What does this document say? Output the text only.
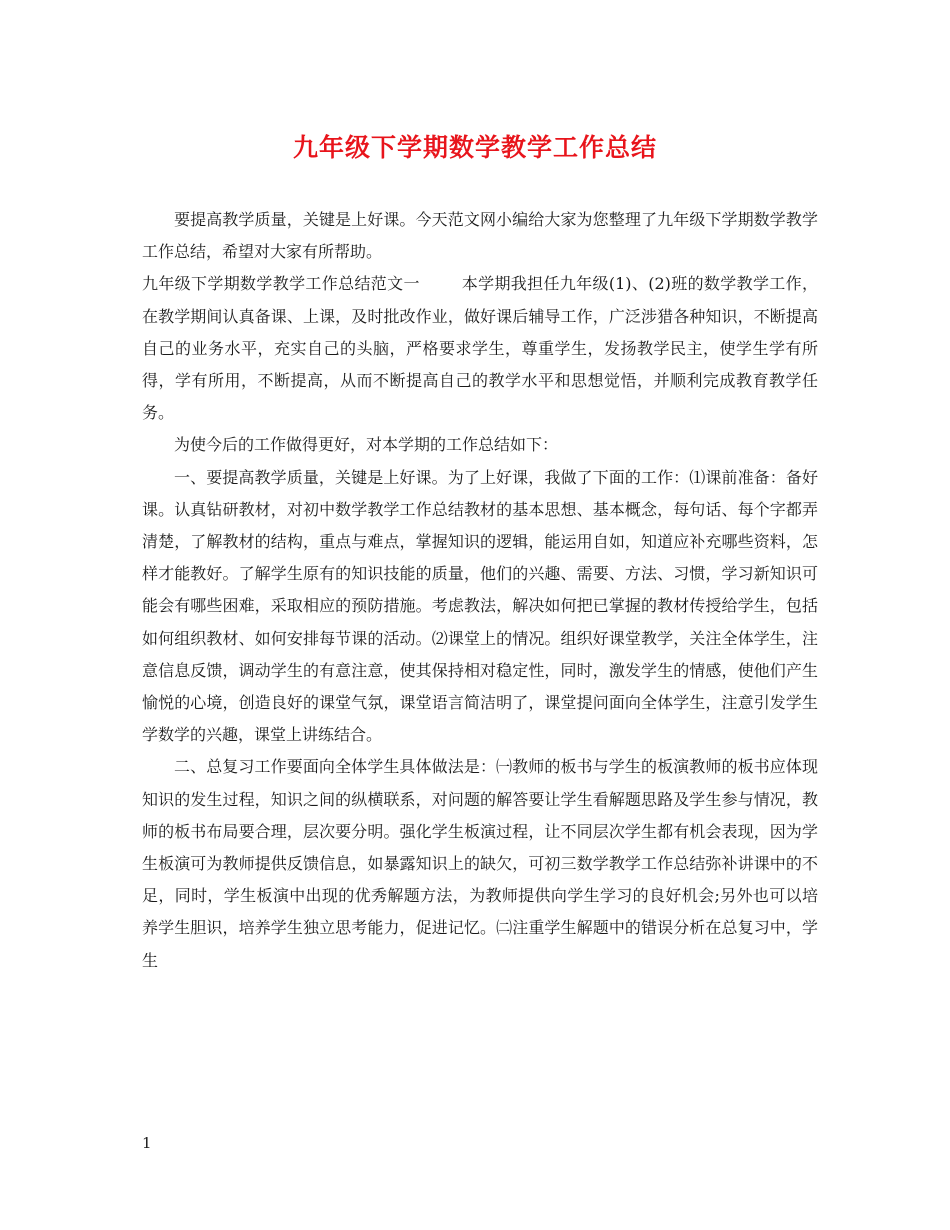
九年级下学期数学教学工作总结

要提高教学质量，关键是上好课。今天范文网小编给大家为您整理了九年级下学期数学教学工作总结，希望对大家有所帮助。

九年级下学期数学教学工作总结范文一	本学期我担任九年级(1)、(2)班的数学教学工作，在教学期间认真备课、上课，及时批改作业，做好课后辅导工作，广泛涉猎各种知识，不断提高自己的业务水平，充实自己的头脑，严格要求学生，尊重学生，发扬教学民主，使学生学有所得，学有所用，不断提高，从而不断提高自己的教学水平和思想觉悟，并顺利完成教育教学任务。

为使今后的工作做得更好，对本学期的工作总结如下：

一、要提高教学质量，关键是上好课。为了上好课，我做了下面的工作：⑴课前准备：备好课。认真钻研教材，对初中数学教学工作总结教材的基本思想、基本概念，每句话、每个字都弄清楚，了解教材的结构，重点与难点，掌握知识的逻辑，能运用自如，知道应补充哪些资料，怎样才能教好。了解学生原有的知识技能的质量，他们的兴趣、需要、方法、习惯，学习新知识可能会有哪些困难，采取相应的预防措施。考虑教法，解决如何把已掌握的教材传授给学生，包括如何组织教材、如何安排每节课的活动。⑵课堂上的情况。组织好课堂教学，关注全体学生，注意信息反馈，调动学生的有意注意，使其保持相对稳定性，同时，激发学生的情感，使他们产生愉悦的心境，创造良好的课堂气氛，课堂语言简洁明了，课堂提问面向全体学生，注意引发学生学数学的兴趣，课堂上讲练结合。

二、总复习工作要面向全体学生具体做法是：㈠教师的板书与学生的板演教师的板书应体现知识的发生过程，知识之间的纵横联系，对问题的解答要让学生看解题思路及学生参与情况，教师的板书布局要合理，层次要分明。强化学生板演过程，让不同层次学生都有机会表现，因为学生板演可为教师提供反馈信息，如暴露知识上的缺欠，可初三数学教学工作总结弥补讲课中的不足，同时，学生板演中出现的优秀解题方法，为教师提供向学生学习的良好机会;另外也可以培养学生胆识，培养学生独立思考能力，促进记忆。㈡注重学生解题中的错误分析在总复习中，学生

1
